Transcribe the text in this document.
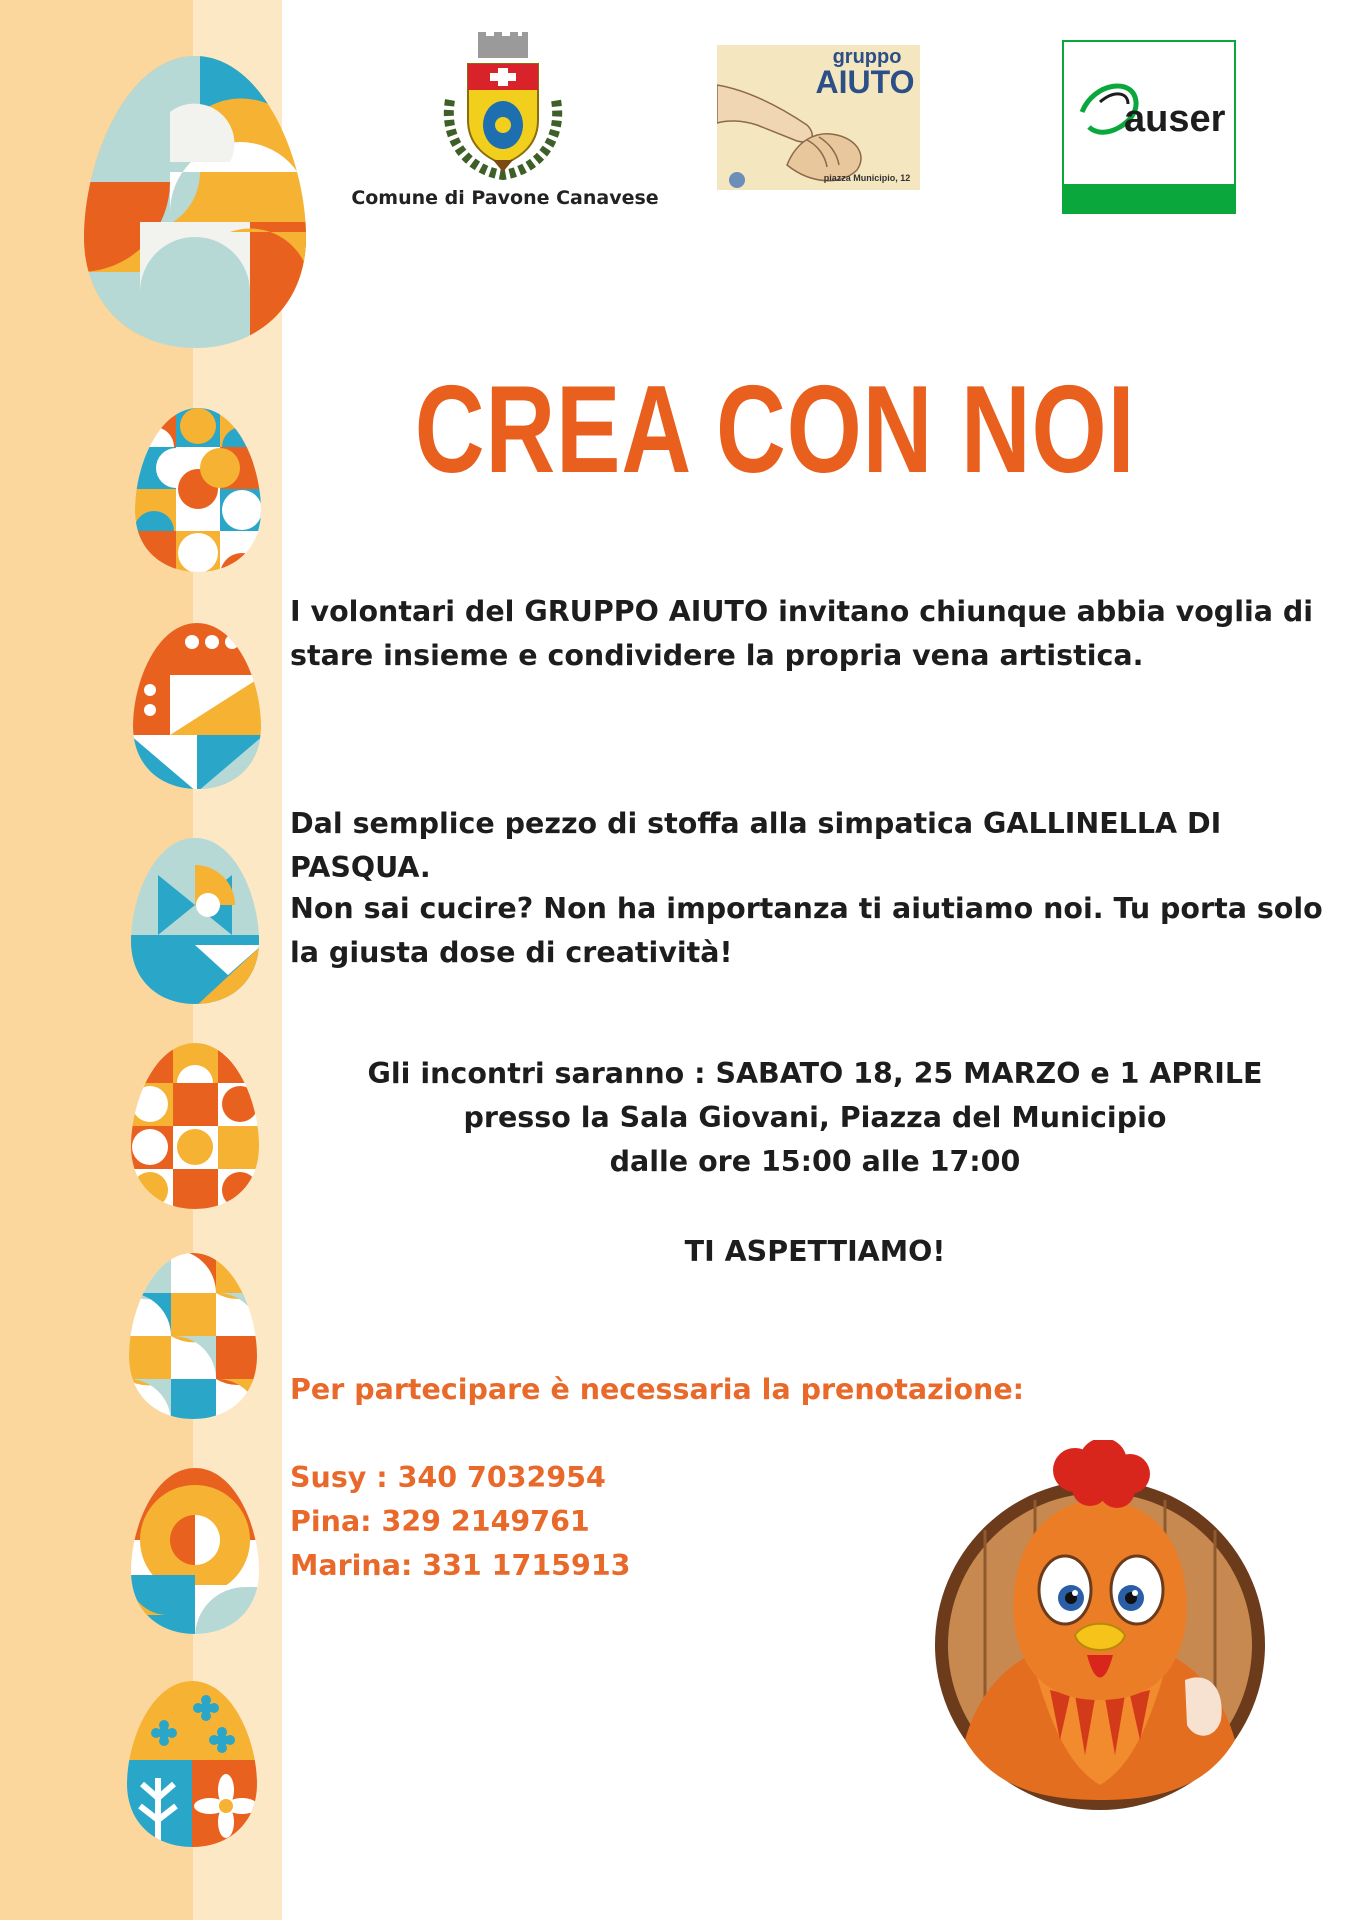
Comune di Pavone Canavese
gruppo
AIUTO
piazza Municipio, 12
auser
CREA CON NOI

I volontari del GRUPPO AIUTO invitano chiunque abbia voglia di stare insieme e condividere la propria vena artistica.

Dal semplice pezzo di stoffa alla simpatica GALLINELLA DI PASQUA.

Non sai cucire? Non ha importanza ti aiutiamo noi. Tu porta solo la giusta dose di creatività!

Gli incontri saranno : SABATO 18, 25 MARZO e 1 APRILE

presso la Sala Giovani, Piazza del Municipio

dalle ore 15:00 alle 17:00

TI ASPETTIAMO!

Per partecipare è necessaria la prenotazione:

Susy : 340 7032954
Pina: 329 2149761
Marina: 331 1715913
